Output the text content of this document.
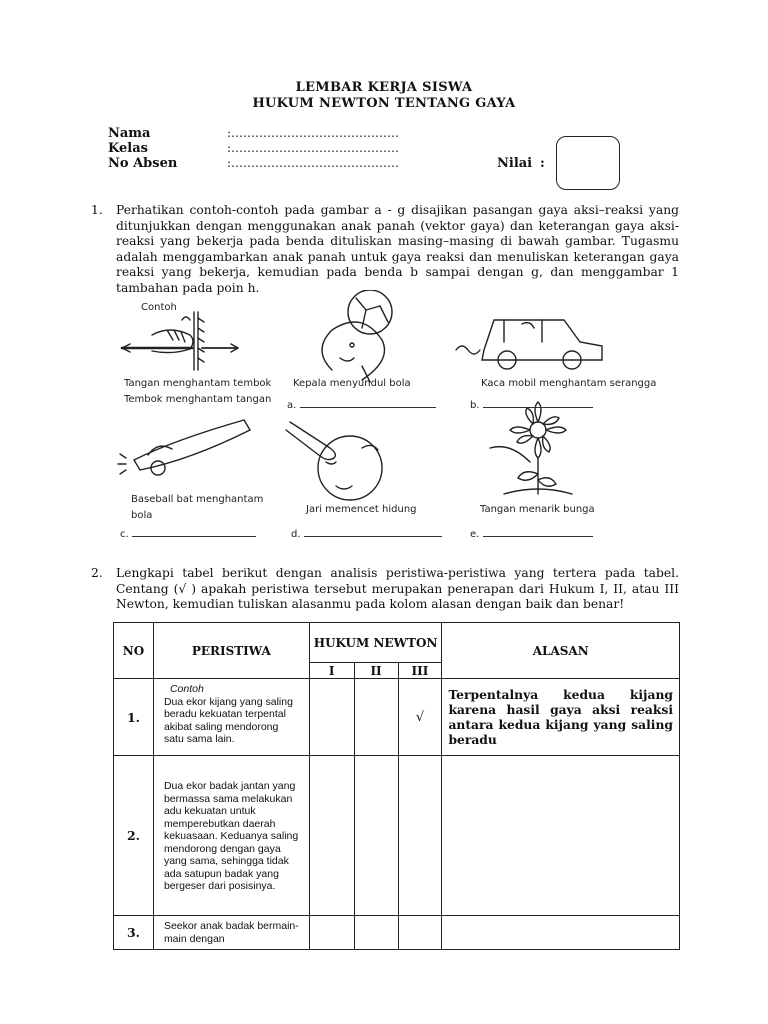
LEMBAR KERJA SISWA
HUKUM NEWTON TENTANG GAYA
Nama	:……………………………………
Kelas	:……………………………………
No Absen	:……………………………………	Nilai :
1. Perhatikan contoh-contoh pada gambar a - g disajikan pasangan gaya aksi–reaksi yang ditunjukkan dengan menggunakan anak panah (vektor gaya) dan keterangan gaya aksi-reaksi yang bekerja pada benda dituliskan masing–masing di bawah gambar. Tugasmu adalah menggambarkan anak panah untuk gaya reaksi dan menuliskan keterangan gaya reaksi yang bekerja, kemudian pada benda b sampai dengan g, dan menggambar 1 tambahan pada poin h.
Contoh
Tangan menghantam tembok
Tembok menghantam tangan
Kepala menyundul bola	Kaca mobil menghantam serangga
a.	b.
Baseball bat menghantam
bola
Jari memencet hidung	Tangan menarik bunga
c.	d.	e.
2. Lengkapi tabel berikut dengan analisis peristiwa-peristiwa yang tertera pada tabel. Centang (√ ) apakah peristiwa tersebut merupakan penerapan dari Hukum I, II, atau III Newton, kemudian tuliskan alasanmu pada kolom alasan dengan baik dan benar!
NO	PERISTIWA	HUKUM NEWTON			ALASAN
		I	II	III	
1.	Contoh
Dua ekor kijang yang saling beradu kekuatan terpental akibat saling mendorong satu sama lain.			√	Terpentalnya kedua kijang karena hasil gaya aksi reaksi antara kedua kijang yang saling beradu
2.	Dua ekor badak jantan yang bermassa sama melakukan adu kekuatan untuk memperebutkan daerah kekuasaan. Keduanya saling mendorong dengan gaya yang sama, sehingga tidak ada satupun badak yang bergeser dari posisinya.				
3.	Seekor anak badak bermain-main dengan				
